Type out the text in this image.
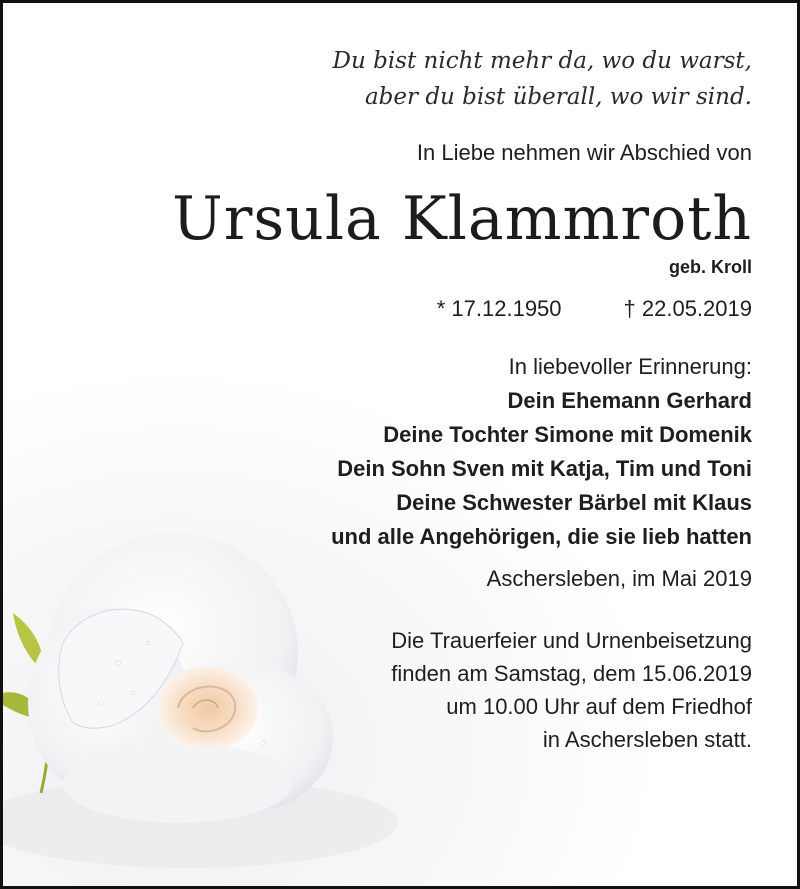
Du bist nicht mehr da, wo du warst,
aber du bist überall, wo wir sind.
In Liebe nehmen wir Abschied von
Ursula Klammroth
geb. Kroll
* 17.12.1950	† 22.05.2019
In liebevoller Erinnerung:
Dein Ehemann Gerhard
Deine Tochter Simone mit Domenik
Dein Sohn Sven mit Katja, Tim und Toni
Deine Schwester Bärbel mit Klaus
und alle Angehörigen, die sie lieb hatten
Aschersleben, im Mai 2019
Die Trauerfeier und Urnenbeisetzung
finden am Samstag, dem 15.06.2019
um 10.00 Uhr auf dem Friedhof
in Aschersleben statt.
